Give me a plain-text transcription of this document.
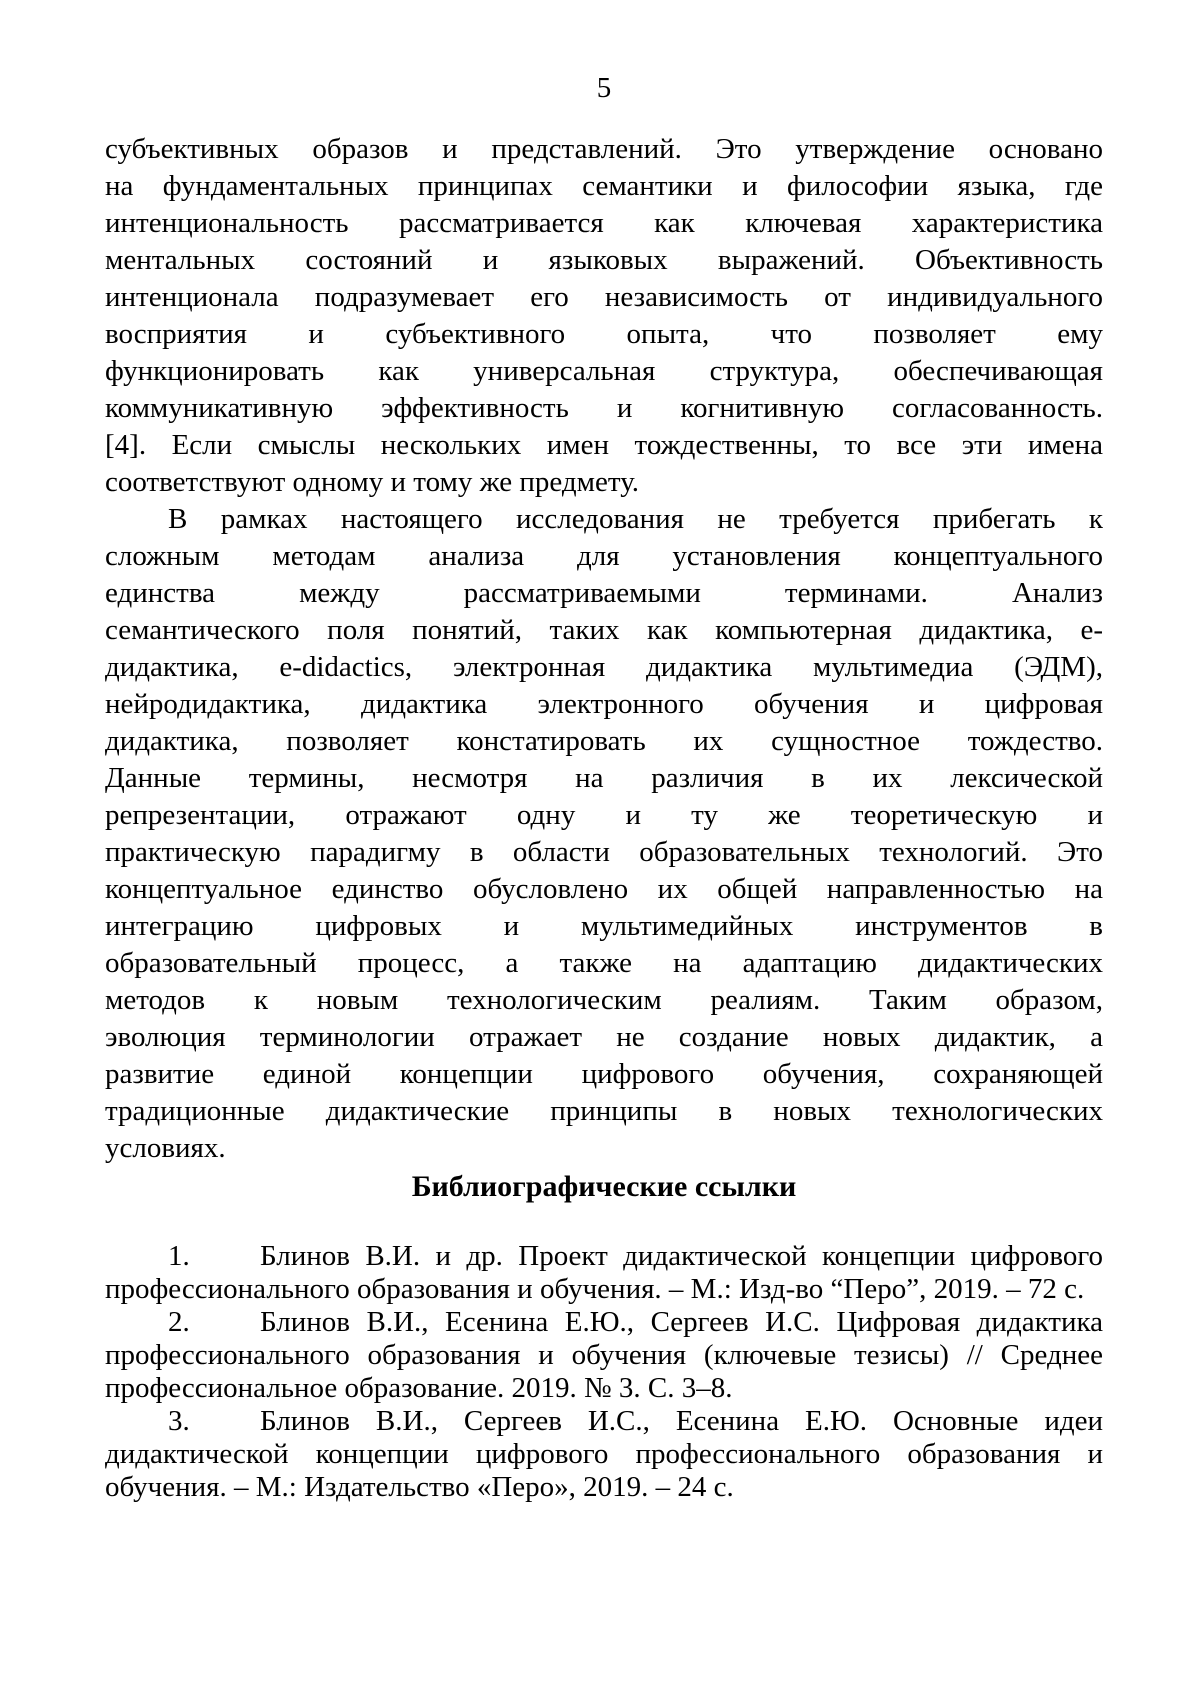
5
субъективных образов и представлений. Это утверждение основано
на фундаментальных принципах семантики и философии языка, где
интенциональность рассматривается как ключевая характеристика
ментальных состояний и языковых выражений. Объективность
интенционала подразумевает его независимость от индивидуального
восприятия и субъективного опыта, что позволяет ему
функционировать как универсальная структура, обеспечивающая
коммуникативную эффективность и когнитивную согласованность.
[4]. Если смыслы нескольких имен тождественны, то все эти имена
соответствуют одному и тому же предмету.
В рамках настоящего исследования не требуется прибегать к
сложным методам анализа для установления концептуального
единства между рассматриваемыми терминами. Анализ
семантического поля понятий, таких как компьютерная дидактика, е-
дидактика, e-didactics, электронная дидактика мультимедиа (ЭДМ),
нейродидактика, дидактика электронного обучения и цифровая
дидактика, позволяет констатировать их сущностное тождество.
Данные термины, несмотря на различия в их лексической
репрезентации, отражают одну и ту же теоретическую и
практическую парадигму в области образовательных технологий. Это
концептуальное единство обусловлено их общей направленностью на
интеграцию цифровых и мультимедийных инструментов в
образовательный процесс, а также на адаптацию дидактических
методов к новым технологическим реалиям. Таким образом,
эволюция терминологии отражает не создание новых дидактик, а
развитие единой концепции цифрового обучения, сохраняющей
традиционные дидактические принципы в новых технологических
условиях.
Библиографические ссылки
1. Блинов В.И. и др. Проект дидактической концепции цифрового
профессионального образования и обучения. – М.: Изд-во “Перо”, 2019. – 72 с.
2. Блинов В.И., Есенина Е.Ю., Сергеев И.С. Цифровая дидактика
профессионального образования и обучения (ключевые тезисы) // Среднее
профессиональное образование. 2019. № 3. С. 3–8.
3. Блинов В.И., Сергеев И.С., Есенина Е.Ю. Основные идеи
дидактической концепции цифрового профессионального образования и
обучения. – М.: Издательство «Перо», 2019. – 24 с.
